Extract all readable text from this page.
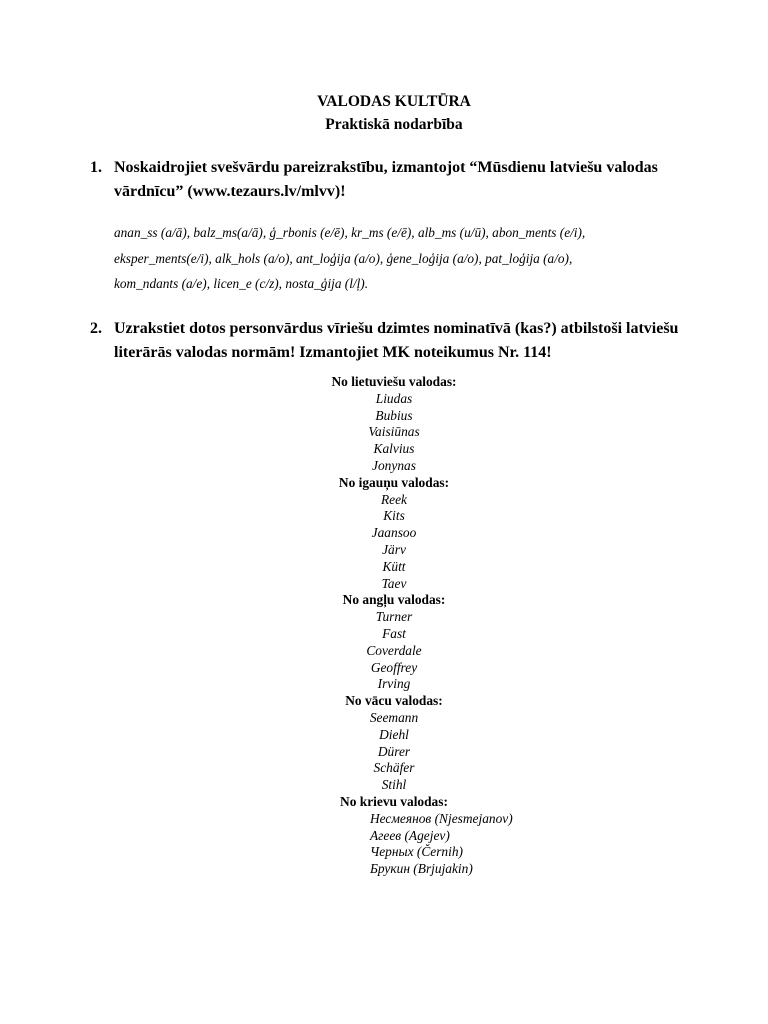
VALODAS KULTŪRA
Praktiskā nodarbība
1. Noskaidrojiet svešvārdu pareizrakstību, izmantojot “Mūsdienu latviešu valodas vārdnīcu” (www.tezaurs.lv/mlvv)!
anan_ss (a/ā), balz_ms(a/ā), ģ_rbonis (e/ē), kr_ms (e/ē), alb_ms (u/ū), abon_ments (e/i),
eksper_ments(e/i), alk_hols (a/o), ant_loģija (a/o), ģene_loģija (a/o), pat_loģija (a/o),
kom_ndants (a/e), licen_e (c/z), nosta_ģija (l/ļ).
2. Uzrakstiet dotos personvārdus vīriešu dzimtes nominatīvā (kas?) atbilstoši latviešu literārās valodas normām! Izmantojiet MK noteikumus Nr. 114!
No lietuviešu valodas:
Liudas
Bubius
Vaisiūnas
Kalvius
Jonynas
No igauņu valodas:
Reek
Kits
Jaansoo
Järv
Kütt
Taev
No angļu valodas:
Turner
Fast
Coverdale
Geoffrey
Irving
No vācu valodas:
Seemann
Diehl
Dürer
Schäfer
Stihl
No krievu valodas:
Несмеянов (Njesmejanov)
Агеев (Agejev)
Черных (Černih)
Брукин (Brjujakin)
